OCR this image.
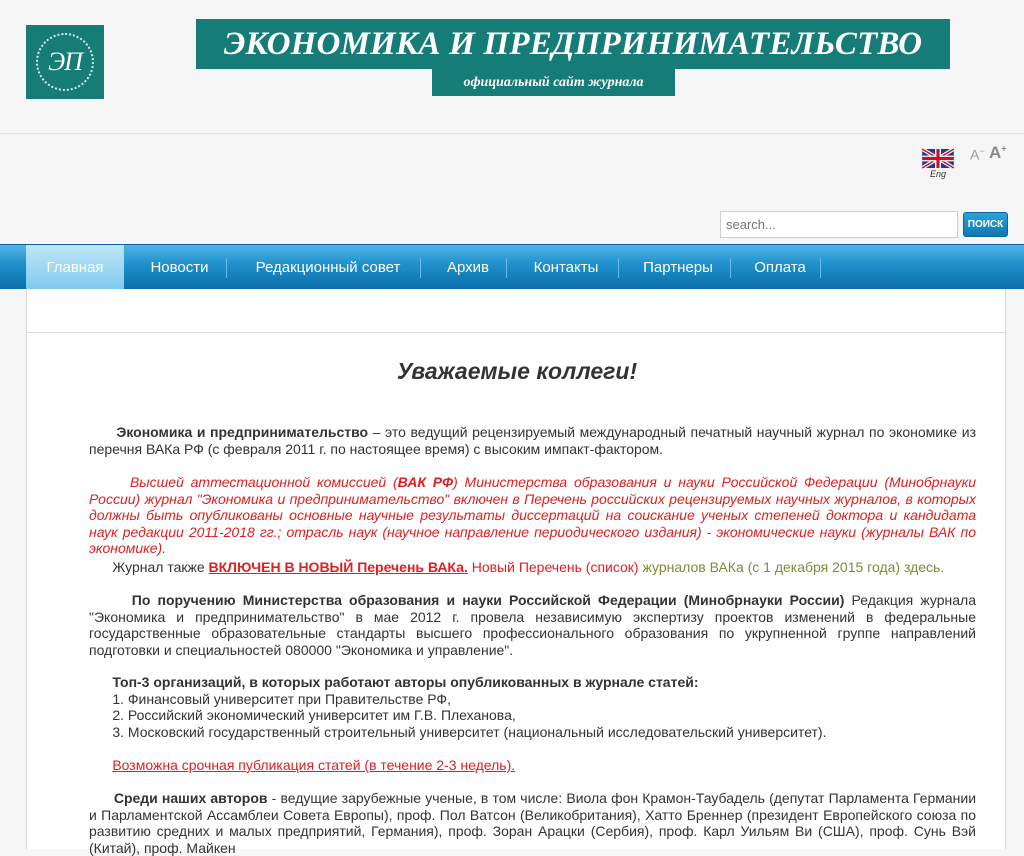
ЭП	ЭКОНОМИКА И ПРЕДПРИНИМАТЕЛЬСТВО
официальный сайт журнала
Eng
A− A+
search...
ПОИСК
Главная	Новости	Редакционный совет	Архив	Контакты	Партнеры	Оплата
Уважаемые коллеги!
Экономика и предпринимательство – это ведущий рецензируемый международный печатный научный журнал по экономике из перечня ВАКа РФ (с февраля 2011 г. по настоящее время) с высоким импакт-фактором.
Высшей аттестационной комиссией (ВАК РФ) Министерства образования и науки Российской Федерации (Минобрнауки России) журнал "Экономика и предпринимательство" включен в Перечень российских рецензируемых научных журналов, в которых должны быть опубликованы основные научные результаты диссертаций на соискание ученых степеней доктора и кандидата наук редакции 2011-2018 гг.; отрасль наук (научное направление периодического издания) - экономические науки (журналы ВАК по экономике).
Журнал также ВКЛЮЧЕН В НОВЫЙ Перечень ВАКа. Новый Перечень (список) журналов ВАКа (с 1 декабря 2015 года) здесь.
По поручению Министерства образования и науки Российской Федерации (Минобрнауки России) Редакция журнала "Экономика и предпринимательство" в мае 2012 г. провела независимую экспертизу проектов изменений в федеральные государственные образовательные стандарты высшего профессионального образования по укрупненной группе направлений подготовки и специальностей 080000 "Экономика и управление".
Топ-3 организаций, в которых работают авторы опубликованных в журнале статей:
1. Финансовый университет при Правительстве РФ,
2. Российский экономический университет им Г.В. Плеханова,
3. Московский государственный строительный университет (национальный исследовательский университет).
Возможна срочная публикация статей (в течение 2-3 недель).
Среди наших авторов - ведущие зарубежные ученые, в том числе: Виола фон Крамон-Таубадель (депутат Парламента Германии и Парламентской Ассамблеи Совета Европы), проф. Пол Ватсон (Великобритания), Хатто Бреннер (президент Европейского союза по развитию средних и малых предприятий, Германия), проф. Зоран Арацки (Сербия), проф. Карл Уильям Ви (США), проф. Сунь Вэй (Китай), проф. Майкен
